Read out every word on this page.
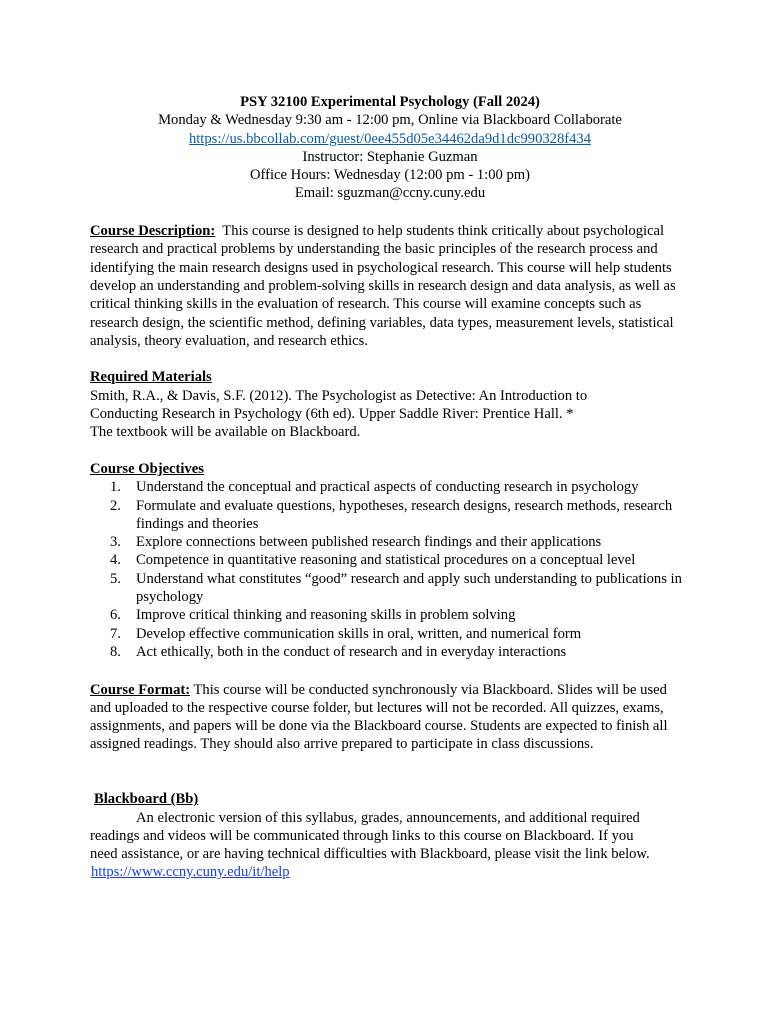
PSY 32100 Experimental Psychology (Fall 2024)
Monday & Wednesday 9:30 am - 12:00 pm, Online via Blackboard Collaborate
https://us.bbcollab.com/guest/0ee455d05e34462da9d1dc990328f434
Instructor: Stephanie Guzman
Office Hours: Wednesday (12:00 pm - 1:00 pm)
Email: sguzman@ccny.cuny.edu

Course Description: This course is designed to help students think critically about psychological research and practical problems by understanding the basic principles of the research process and identifying the main research designs used in psychological research. This course will help students develop an understanding and problem-solving skills in research design and data analysis, as well as critical thinking skills in the evaluation of research. This course will examine concepts such as research design, the scientific method, defining variables, data types, measurement levels, statistical analysis, theory evaluation, and research ethics.

Required Materials

Smith, R.A., & Davis, S.F. (2012). The Psychologist as Detective: An Introduction to Conducting Research in Psychology (6th ed). Upper Saddle River: Prentice Hall. *

The textbook will be available on Blackboard.

Course Objectives
1. Understand the conceptual and practical aspects of conducting research in psychology
2. Formulate and evaluate questions, hypotheses, research designs, research methods, research findings and theories
3. Explore connections between published research findings and their applications
4. Competence in quantitative reasoning and statistical procedures on a conceptual level
5. Understand what constitutes “good” research and apply such understanding to publications in psychology
6. Improve critical thinking and reasoning skills in problem solving
7. Develop effective communication skills in oral, written, and numerical form
8. Act ethically, both in the conduct of research and in everyday interactions

Course Format: This course will be conducted synchronously via Blackboard. Slides will be used and uploaded to the respective course folder, but lectures will not be recorded. All quizzes, exams, assignments, and papers will be done via the Blackboard course. Students are expected to finish all assigned readings. They should also arrive prepared to participate in class discussions.

Blackboard (Bb)

An electronic version of this syllabus, grades, announcements, and additional required readings and videos will be communicated through links to this course on Blackboard. If you need assistance, or are having technical difficulties with Blackboard, please visit the link below.

https://www.ccny.cuny.edu/it/help
